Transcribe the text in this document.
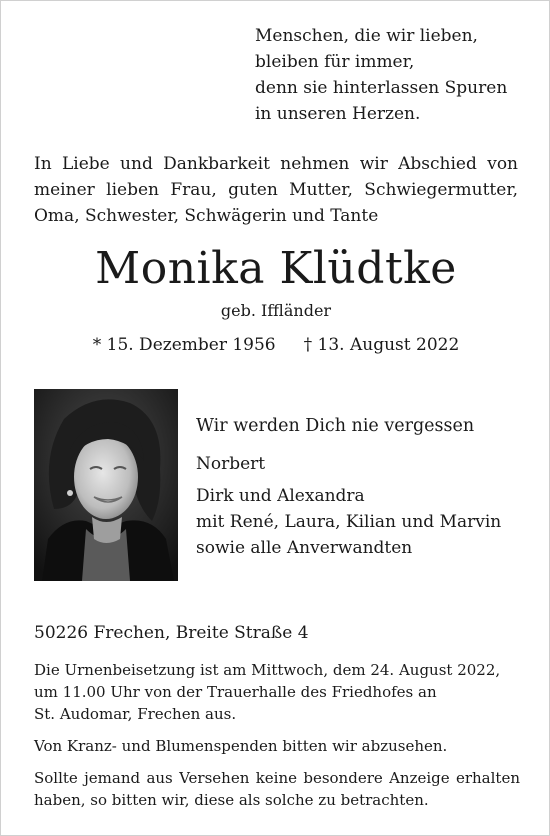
Menschen, die wir lieben,
bleiben für immer,
denn sie hinterlassen Spuren
in unseren Herzen.
In Liebe und Dankbarkeit nehmen wir Abschied von
meiner lieben Frau, guten Mutter, Schwiegermutter,
Oma, Schwester, Schwägerin und Tante
Monika Klüdtke
geb. Iffländer
* 15. Dezember 1956 † 13. August 2022
Wir werden Dich nie vergessen
Norbert
Dirk und Alexandra
mit René, Laura, Kilian und Marvin
sowie alle Anverwandten
50226 Frechen, Breite Straße 4
Die Urnenbeisetzung ist am Mittwoch, dem 24. August 2022,
um 11.00 Uhr von der Trauerhalle des Friedhofes an
St. Audomar, Frechen aus.
Von Kranz- und Blumenspenden bitten wir abzusehen.
Sollte jemand aus Versehen keine besondere Anzeige erhalten
haben, so bitten wir, diese als solche zu betrachten.
